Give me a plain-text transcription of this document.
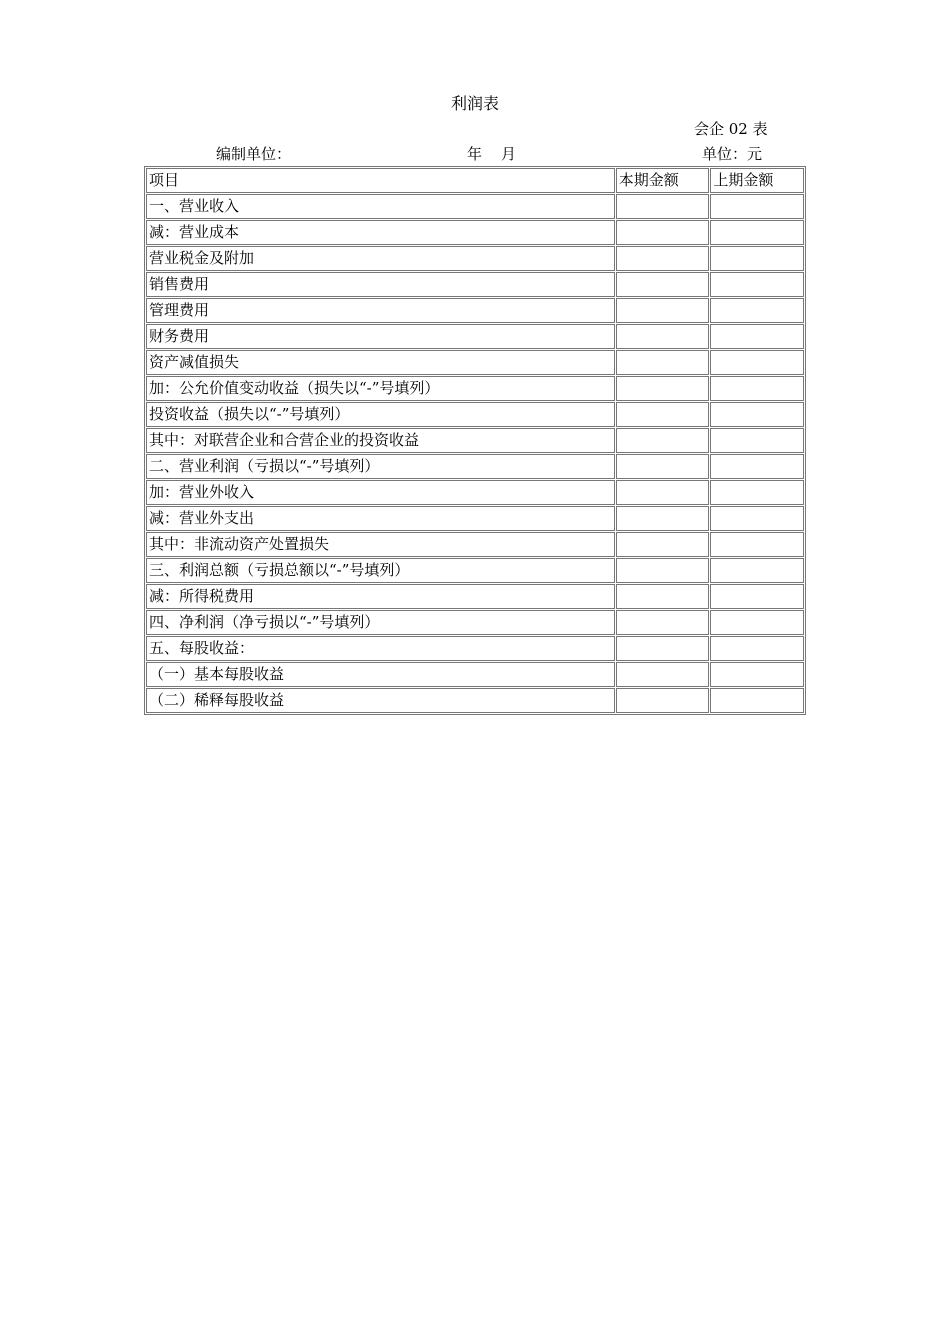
利润表
会企 02 表
编制单位：	年 月	单位：元
项目	本期金额	上期金额
一、营业收入		
减：营业成本		
营业税金及附加		
销售费用		
管理费用		
财务费用		
资产减值损失		
加：公允价值变动收益（损失以“-”号填列）		
投资收益（损失以“-”号填列）		
其中：对联营企业和合营企业的投资收益		
二、营业利润（亏损以“-”号填列）		
加：营业外收入		
减：营业外支出		
其中：非流动资产处置损失		
三、利润总额（亏损总额以“-”号填列）		
减：所得税费用		
四、净利润（净亏损以“-”号填列）		
五、每股收益：		
（一）基本每股收益		
（二）稀释每股收益		
